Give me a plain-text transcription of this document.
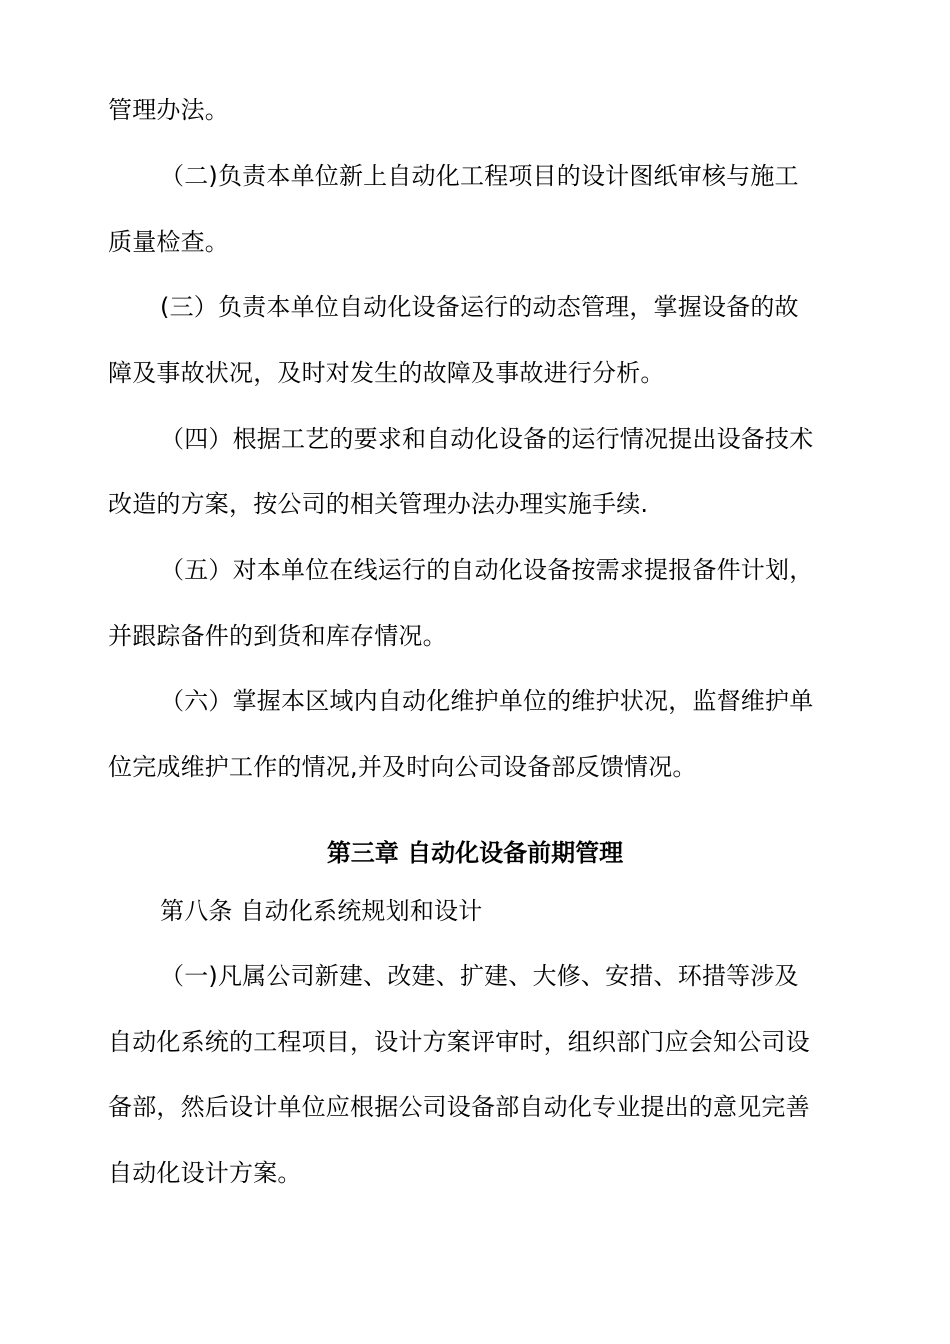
管理办法。
（二)负责本单位新上自动化工程项目的设计图纸审核与施工
质量检查。
(三）负责本单位自动化设备运行的动态管理，掌握设备的故
障及事故状况，及时对发生的故障及事故进行分析。
（四）根据工艺的要求和自动化设备的运行情况提出设备技术
改造的方案，按公司的相关管理办法办理实施手续.
（五）对本单位在线运行的自动化设备按需求提报备件计划，
并跟踪备件的到货和库存情况。
（六）掌握本区域内自动化维护单位的维护状况，监督维护单
位完成维护工作的情况,并及时向公司设备部反馈情况。
第三章 自动化设备前期管理
第八条 自动化系统规划和设计
（一)凡属公司新建、改建、扩建、大修、安措、环措等涉及
自动化系统的工程项目，设计方案评审时，组织部门应会知公司设
备部，然后设计单位应根据公司设备部自动化专业提出的意见完善
自动化设计方案。
